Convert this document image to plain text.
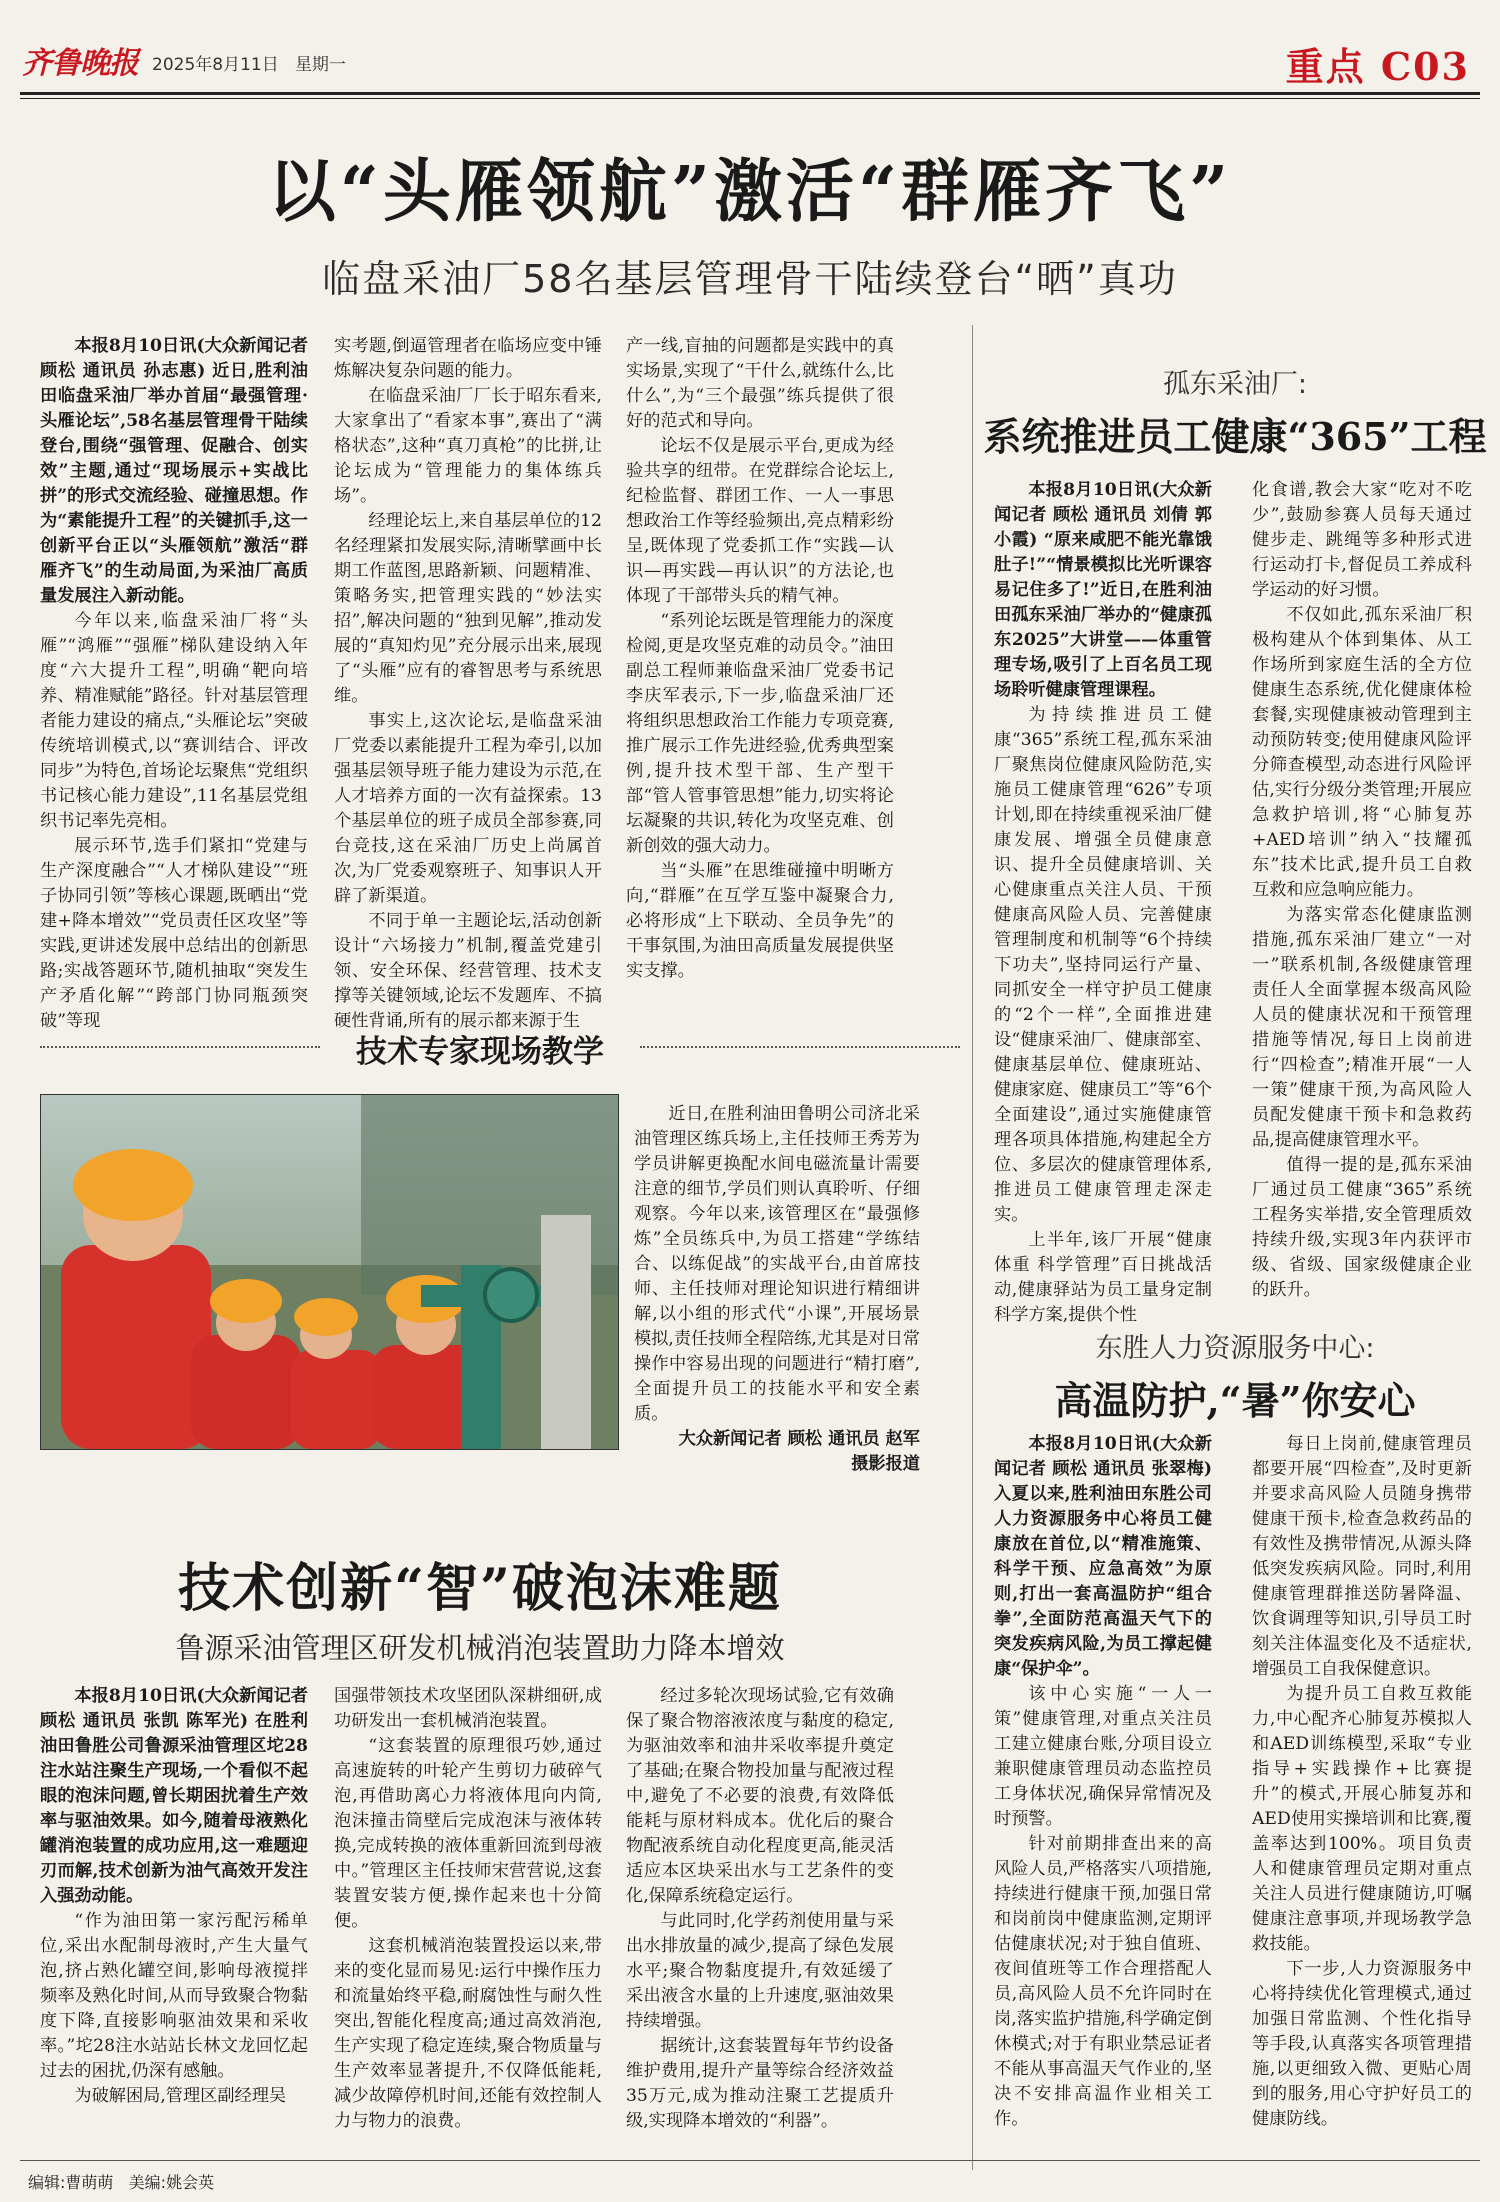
齐鲁晚报 2025年8月11日 星期一	重点 C03
以“头雁领航”激活“群雁齐飞”
临盘采油厂58名基层管理骨干陆续登台“晒”真功

本报8月10日讯(大众新闻记者 顾松 通讯员 孙志惠) 近日,胜利油田临盘采油厂举办首届“最强管理·头雁论坛”,58名基层管理骨干陆续登台,围绕“强管理、促融合、创实效”主题,通过“现场展示+实战比拼”的形式交流经验、碰撞思想。作为“素能提升工程”的关键抓手,这一创新平台正以“头雁领航”激活“群雁齐飞”的生动局面,为采油厂高质量发展注入新动能。

今年以来,临盘采油厂将“头雁”“鸿雁”“强雁”梯队建设纳入年度“六大提升工程”,明确“靶向培养、精准赋能”路径。针对基层管理者能力建设的痛点,“头雁论坛”突破传统培训模式,以“赛训结合、评改同步”为特色,首场论坛聚焦“党组织书记核心能力建设”,11名基层党组织书记率先亮相。

展示环节,选手们紧扣“党建与生产深度融合”“人才梯队建设”“班子协同引领”等核心课题,既晒出“党建+降本增效”“党员责任区攻坚”等实践,更讲述发展中总结出的创新思路;实战答题环节,随机抽取“突发生产矛盾化解”“跨部门协同瓶颈突破”等现

实考题,倒逼管理者在临场应变中锤炼解决复杂问题的能力。

在临盘采油厂厂长于昭东看来,大家拿出了“看家本事”,赛出了“满格状态”,这种“真刀真枪”的比拼,让论坛成为“管理能力的集体练兵场”。

经理论坛上,来自基层单位的12名经理紧扣发展实际,清晰擘画中长期工作蓝图,思路新颖、问题精准、策略务实,把管理实践的“妙法实招”,解决问题的“独到见解”,推动发展的“真知灼见”充分展示出来,展现了“头雁”应有的睿智思考与系统思维。

事实上,这次论坛,是临盘采油厂党委以素能提升工程为牵引,以加强基层领导班子能力建设为示范,在人才培养方面的一次有益探索。13个基层单位的班子成员全部参赛,同台竞技,这在采油厂历史上尚属首次,为厂党委观察班子、知事识人开辟了新渠道。

不同于单一主题论坛,活动创新设计“六场接力”机制,覆盖党建引领、安全环保、经营管理、技术支撑等关键领域,论坛不发题库、不搞硬性背诵,所有的展示都来源于生

产一线,盲抽的问题都是实践中的真实场景,实现了“干什么,就练什么,比什么”,为“三个最强”练兵提供了很好的范式和导向。

论坛不仅是展示平台,更成为经验共享的纽带。在党群综合论坛上,纪检监督、群团工作、一人一事思想政治工作等经验频出,亮点精彩纷呈,既体现了党委抓工作“实践—认识—再实践—再认识”的方法论,也体现了干部带头兵的精气神。

“系列论坛既是管理能力的深度检阅,更是攻坚克难的动员令。”油田副总工程师兼临盘采油厂党委书记李庆军表示,下一步,临盘采油厂还将组织思想政治工作能力专项竞赛,推广展示工作先进经验,优秀典型案例,提升技术型干部、生产型干部“管人管事管思想”能力,切实将论坛凝聚的共识,转化为攻坚克难、创新创效的强大动力。

当“头雁”在思维碰撞中明晰方向,“群雁”在互学互鉴中凝聚合力,必将形成“上下联动、全员争先”的干事氛围,为油田高质量发展提供坚实支撑。

孤东采油厂:
系统推进员工健康“365”工程

本报8月10日讯(大众新闻记者 顾松 通讯员 刘倩 郭小霞) “原来咸肥不能光靠饿肚子!”“情景模拟比光听课容易记住多了!”近日,在胜利油田孤东采油厂举办的“健康孤东2025”大讲堂——体重管理专场,吸引了上百名员工现场聆听健康管理课程。

为持续推进员工健康“365”系统工程,孤东采油厂聚焦岗位健康风险防范,实施员工健康管理“626”专项计划,即在持续重视采油厂健康发展、增强全员健康意识、提升全员健康培训、关心健康重点关注人员、干预健康高风险人员、完善健康管理制度和机制等“6个持续下功夫”,坚持同运行产量、同抓安全一样守护员工健康的“2个一样”,全面推进建设“健康采油厂、健康部室、健康基层单位、健康班站、健康家庭、健康员工”等“6个全面建设”,通过实施健康管理各项具体措施,构建起全方位、多层次的健康管理体系,推进员工健康管理走深走实。

上半年,该厂开展“健康体重 科学管理”百日挑战活动,健康驿站为员工量身定制科学方案,提供个性

化食谱,教会大家“吃对不吃少”,鼓励参赛人员每天通过健步走、跳绳等多种形式进行运动打卡,督促员工养成科学运动的好习惯。

不仅如此,孤东采油厂积极构建从个体到集体、从工作场所到家庭生活的全方位健康生态系统,优化健康体检套餐,实现健康被动管理到主动预防转变;使用健康风险评分筛查模型,动态进行风险评估,实行分级分类管理;开展应急救护培训,将“心肺复苏+AED培训”纳入“技耀孤东”技术比武,提升员工自救互救和应急响应能力。

为落实常态化健康监测措施,孤东采油厂建立“一对一”联系机制,各级健康管理责任人全面掌握本级高风险人员的健康状况和干预管理措施等情况,每日上岗前进行“四检查”;精准开展“一人一策”健康干预,为高风险人员配发健康干预卡和急救药品,提高健康管理水平。

值得一提的是,孤东采油厂通过员工健康“365”系统工程务实举措,安全管理质效持续升级,实现3年内获评市级、省级、国家级健康企业的跃升。

技术专家现场教学

近日,在胜利油田鲁明公司济北采油管理区练兵场上,主任技师王秀芳为学员讲解更换配水间电磁流量计需要注意的细节,学员们则认真聆听、仔细观察。今年以来,该管理区在“最强修炼”全员练兵中,为员工搭建“学练结合、以练促战”的实战平台,由首席技师、主任技师对理论知识进行精细讲解,以小组的形式代“小课”,开展场景模拟,责任技师全程陪练,尤其是对日常操作中容易出现的问题进行“精打磨”,全面提升员工的技能水平和安全素质。

大众新闻记者 顾松 通讯员 赵军 摄影报道

技术创新“智”破泡沫难题
鲁源采油管理区研发机械消泡装置助力降本增效

本报8月10日讯(大众新闻记者 顾松 通讯员 张凯 陈军光) 在胜利油田鲁胜公司鲁源采油管理区坨28注水站注聚生产现场,一个看似不起眼的泡沫问题,曾长期困扰着生产效率与驱油效果。如今,随着母液熟化罐消泡装置的成功应用,这一难题迎刃而解,技术创新为油气高效开发注入强劲动能。

“作为油田第一家污配污稀单位,采出水配制母液时,产生大量气泡,挤占熟化罐空间,影响母液搅拌频率及熟化时间,从而导致聚合物黏度下降,直接影响驱油效果和采收率。”坨28注水站站长林文龙回忆起过去的困扰,仍深有感触。

为破解困局,管理区副经理吴

国强带领技术攻坚团队深耕细研,成功研发出一套机械消泡装置。

“这套装置的原理很巧妙,通过高速旋转的叶轮产生剪切力破碎气泡,再借助离心力将液体甩向内筒,泡沫撞击筒壁后完成泡沫与液体转换,完成转换的液体重新回流到母液中。”管理区主任技师宋营营说,这套装置安装方便,操作起来也十分简便。

这套机械消泡装置投运以来,带来的变化显而易见:运行中操作压力和流量始终平稳,耐腐蚀性与耐久性突出,智能化程度高;通过高效消泡,生产实现了稳定连续,聚合物质量与生产效率显著提升,不仅降低能耗,减少故障停机时间,还能有效控制人力与物力的浪费。

经过多轮次现场试验,它有效确保了聚合物溶液浓度与黏度的稳定,为驱油效率和油井采收率提升奠定了基础;在聚合物投加量与配液过程中,避免了不必要的浪费,有效降低能耗与原材料成本。优化后的聚合物配液系统自动化程度更高,能灵活适应本区块采出水与工艺条件的变化,保障系统稳定运行。

与此同时,化学药剂使用量与采出水排放量的减少,提高了绿色发展水平;聚合物黏度提升,有效延缓了采出液含水量的上升速度,驱油效果持续增强。

据统计,这套装置每年节约设备维护费用,提升产量等综合经济效益35万元,成为推动注聚工艺提质升级,实现降本增效的“利器”。

东胜人力资源服务中心:
高温防护,“暑”你安心

本报8月10日讯(大众新闻记者 顾松 通讯员 张翠梅) 入夏以来,胜利油田东胜公司人力资源服务中心将员工健康放在首位,以“精准施策、科学干预、应急高效”为原则,打出一套高温防护“组合拳”,全面防范高温天气下的突发疾病风险,为员工撑起健康“保护伞”。

该中心实施“一人一策”健康管理,对重点关注员工建立健康台账,分项目设立兼职健康管理员动态监控员工身体状况,确保异常情况及时预警。

针对前期排查出来的高风险人员,严格落实八项措施,持续进行健康干预,加强日常和岗前岗中健康监测,定期评估健康状况;对于独自值班、夜间值班等工作合理搭配人员,高风险人员不允许同时在岗,落实监护措施,科学确定倒休模式;对于有职业禁忌证者不能从事高温天气作业的,坚决不安排高温作业相关工作。

每日上岗前,健康管理员都要开展“四检查”,及时更新并要求高风险人员随身携带健康干预卡,检查急救药品的有效性及携带情况,从源头降低突发疾病风险。同时,利用健康管理群推送防暑降温、饮食调理等知识,引导员工时刻关注体温变化及不适症状,增强员工自我保健意识。

为提升员工自救互救能力,中心配齐心肺复苏模拟人和AED训练模型,采取“专业指导+实践操作+比赛提升”的模式,开展心肺复苏和AED使用实操培训和比赛,覆盖率达到100%。项目负责人和健康管理员定期对重点关注人员进行健康随访,叮嘱健康注意事项,并现场教学急救技能。

下一步,人力资源服务中心将持续优化管理模式,通过加强日常监测、个性化指导等手段,认真落实各项管理措施,以更细致入微、更贴心周到的服务,用心守护好员工的健康防线。

编辑:曹萌萌 美编:姚会英
